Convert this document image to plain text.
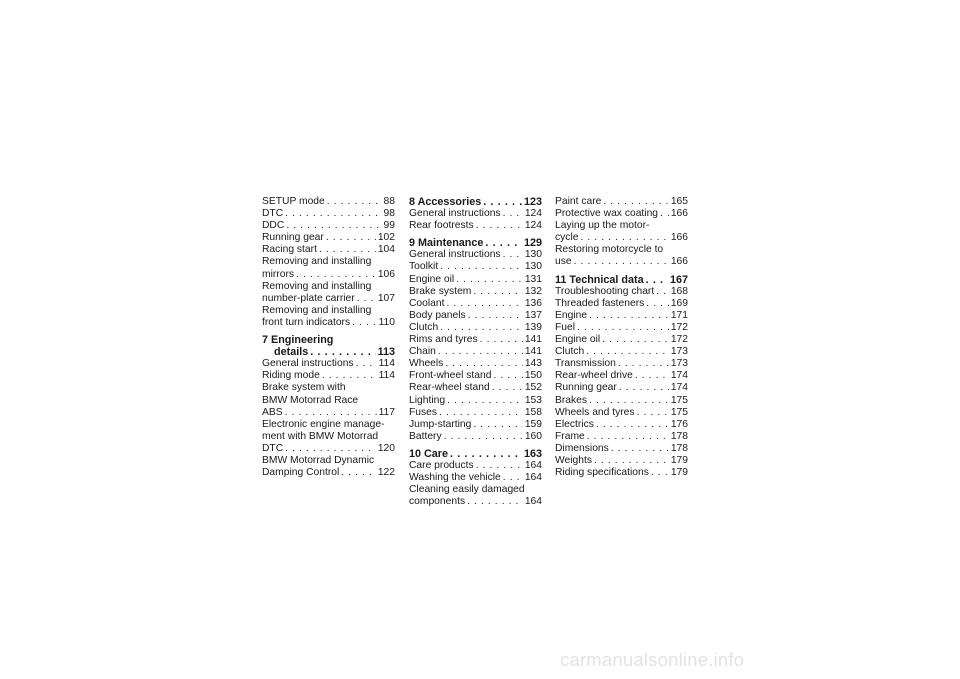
SETUP mode . . .	88
DTC . . .	98
DDC . . .	99
Running gear . . .	102
Racing start . . .	104
Removing and installing
mirrors . . .	106
Removing and installing
number-plate carrier . . . 107
Removing and installing
front turn indicators . . .	110
7 Engineering
details . . .	113
General instructions . . . 114
Riding mode . . .	114
Brake system with
BMW Motorrad Race
ABS . . .	117
Electronic engine manage-
ment with BMW Motorrad
DTC . . .	120
BMW Motorrad Dynamic
Damping Control . . .	122
8 Accessories . . .	123
General instructions . . . 124
Rear footrests . . .	124
9 Maintenance . . .	129
General instructions . . . 130
Toolkit . . .	130
Engine oil . . .	131
Brake system . . .	132
Coolant . . .	136
Body panels . . .	137
Clutch . . .	139
Rims and tyres . . .	141
Chain . . .	141
Wheels . . .	143
Front-wheel stand . . .	150
Rear-wheel stand . . .	152
Lighting . . .	153
Fuses . . .	158
Jump-starting . . .	159
Battery . . .	160
10 Care . . .	163
Care products . . .	164
Washing the vehicle . . . 164
Cleaning easily damaged
components . . .	164
Paint care . . .	165
Protective wax coating . . . 166
Laying up the motor-
cycle . . .	166
Restoring motorcycle to
use . . .	166
11 Technical data . . . 167
Troubleshooting chart . . . 168
Threaded fasteners . . .	169
Engine . . .	171
Fuel . . .	172
Engine oil . . .	172
Clutch . . .	173
Transmission . . .	173
Rear-wheel drive . . .	174
Running gear . . .	174
Brakes . . .	175
Wheels and tyres . . .	175
Electrics . . .	176
Frame . . .	178
Dimensions . . .	178
Weights . . .	179
Riding specifications . . . 179
carmanualsonline.info
